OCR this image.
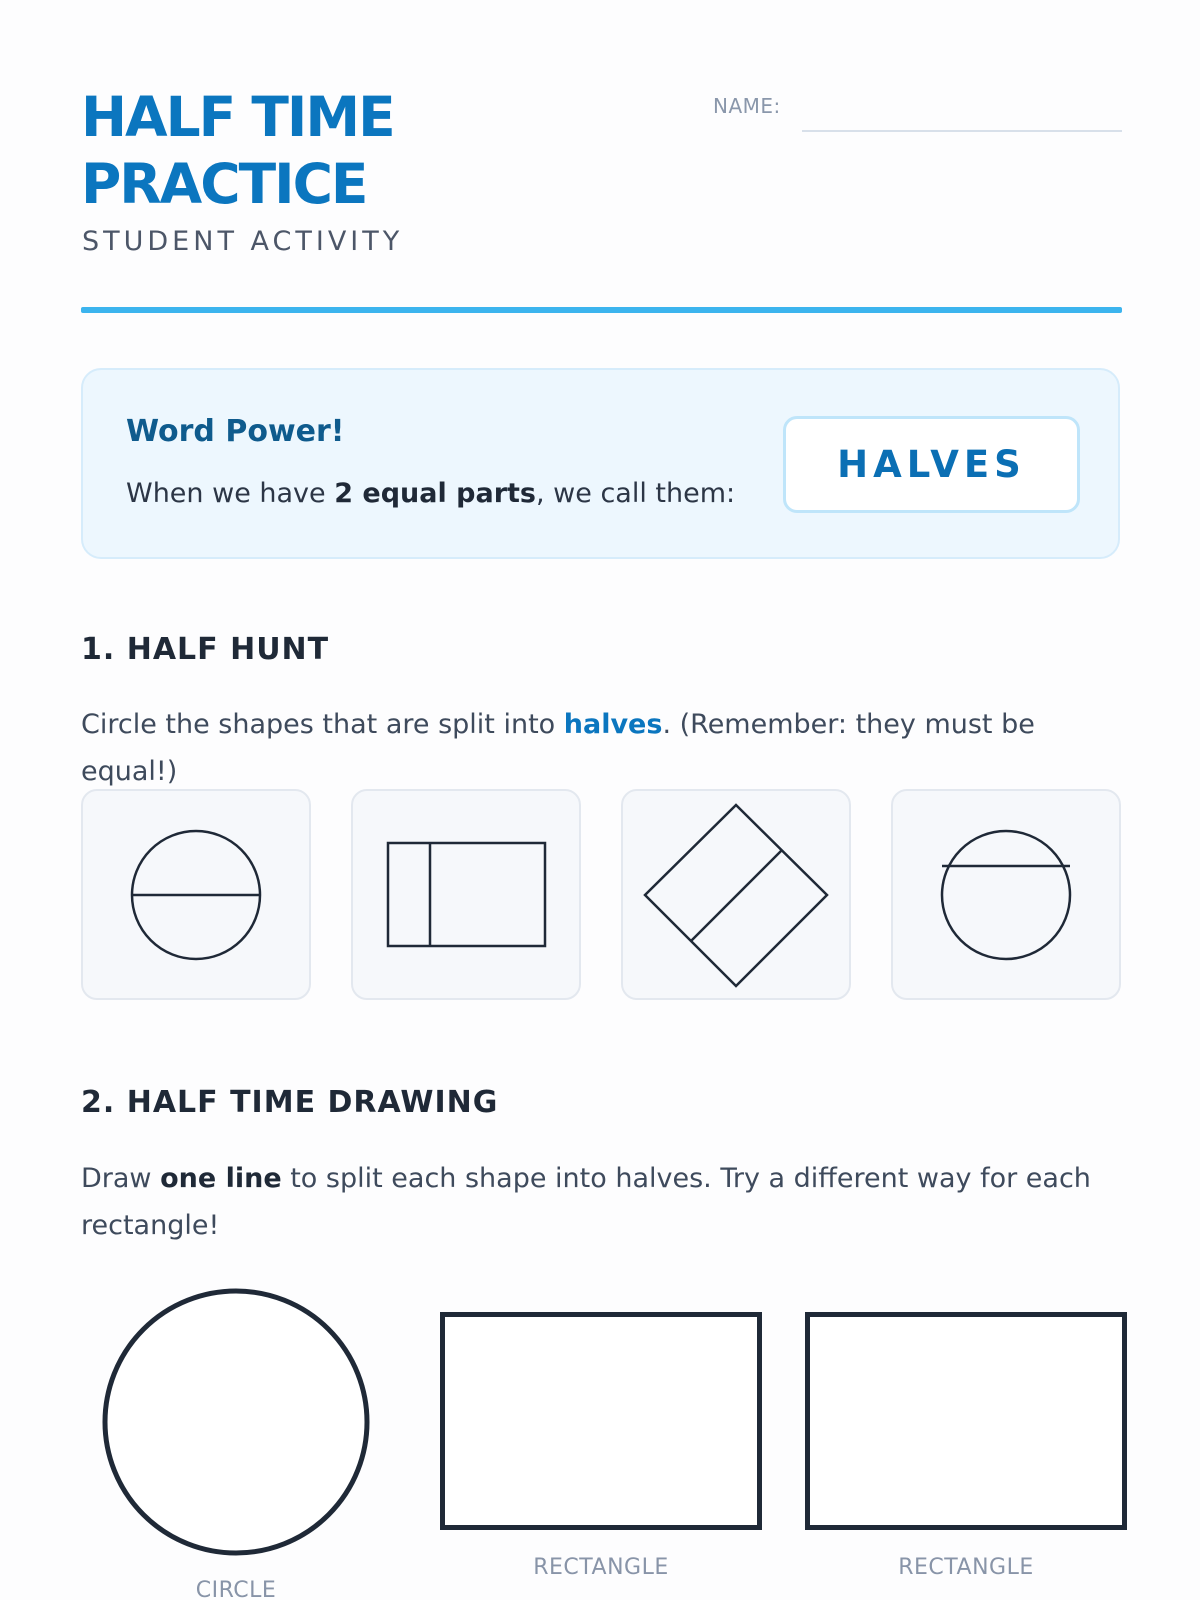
HALF TIME
PRACTICE
STUDENT ACTIVITY
NAME:
Word Power!
When we have 2 equal parts, we call them:
HALVES
1. HALF HUNT
Circle the shapes that are split into halves. (Remember: they must be equal!)
2. HALF TIME DRAWING
Draw one line to split each shape into halves. Try a different way for each rectangle!
CIRCLE
RECTANGLE	RECTANGLE
